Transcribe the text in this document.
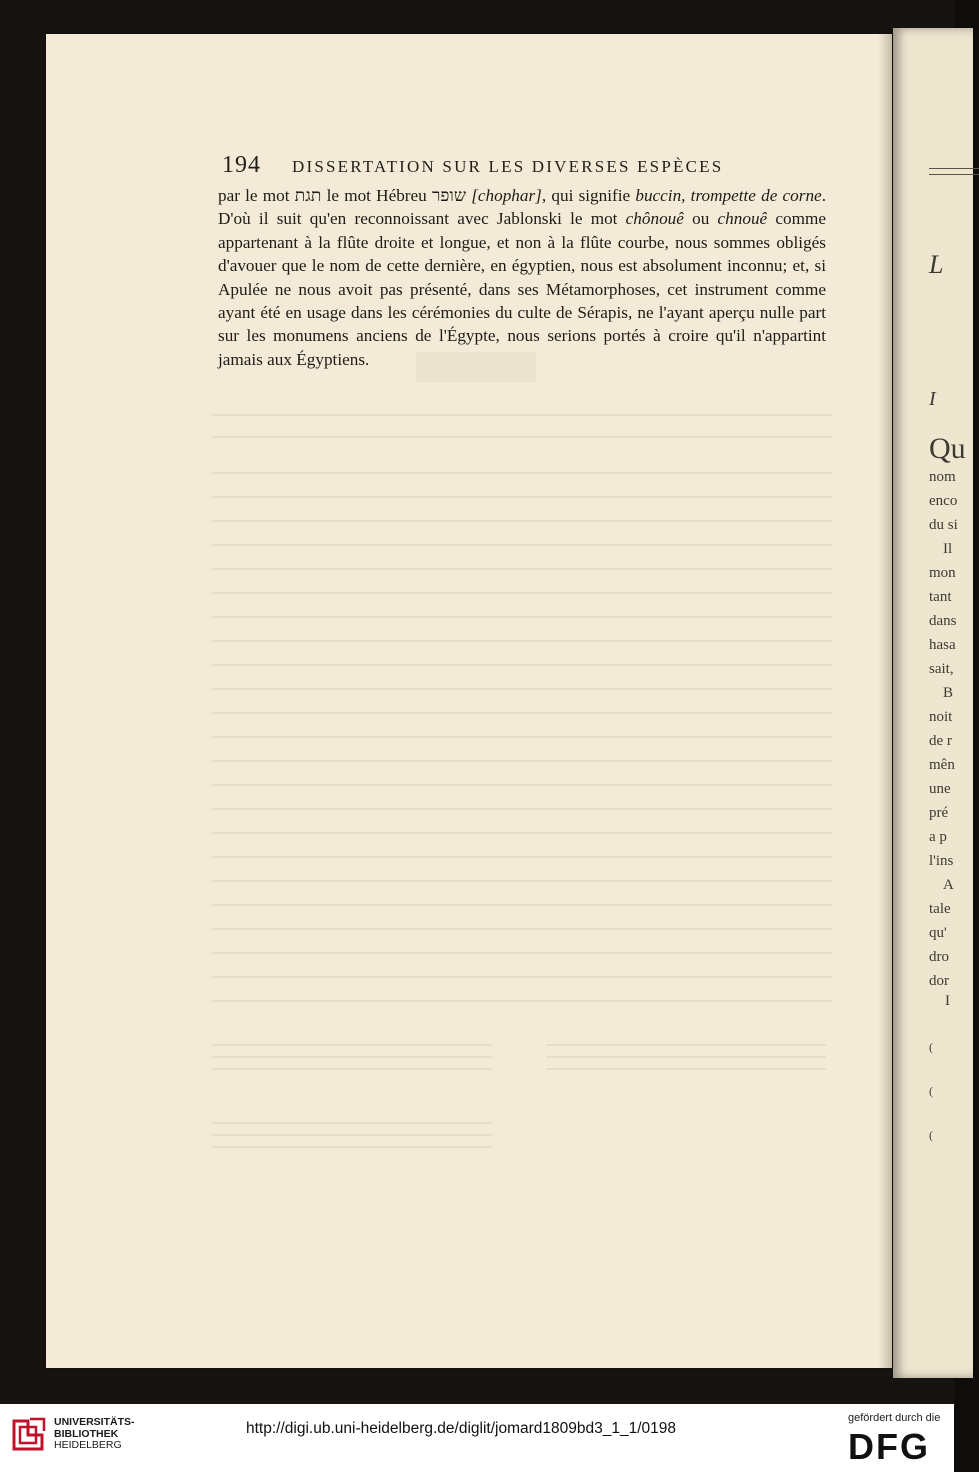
L
I
Qu
nom
enco
du si
Il
mon
tant
dans
hasa
sait,
B
noit
de r
mên
une
pré
a p
l'ins
A
tale
qu'
dro
dor
I
(
(
(
194	DISSERTATION SUR LES DIVERSES ESPÈCES

par le mot תגת le mot Hébreu שופר [chophar], qui signifie buccin, trompette de corne. D'où il suit qu'en reconnoissant avec Jablonski le mot chônouê ou chnouê comme appartenant à la flûte droite et longue, et non à la flûte courbe, nous sommes obligés d'avouer que le nom de cette dernière, en égyptien, nous est absolument inconnu; et, si Apulée ne nous avoit pas présenté, dans ses Métamorphoses, cet instrument comme ayant été en usage dans les cérémonies du culte de Sérapis, ne l'ayant aperçu nulle part sur les monumens anciens de l'Égypte, nous serions portés à croire qu'il n'appartint jamais aux Égyptiens.

UNIVERSITÄTS-
BIBLIOTHEK
HEIDELBERG
http://digi.ub.uni-heidelberg.de/diglit/jomard1809bd3_1_1/0198
gefördert durch die
DFG
